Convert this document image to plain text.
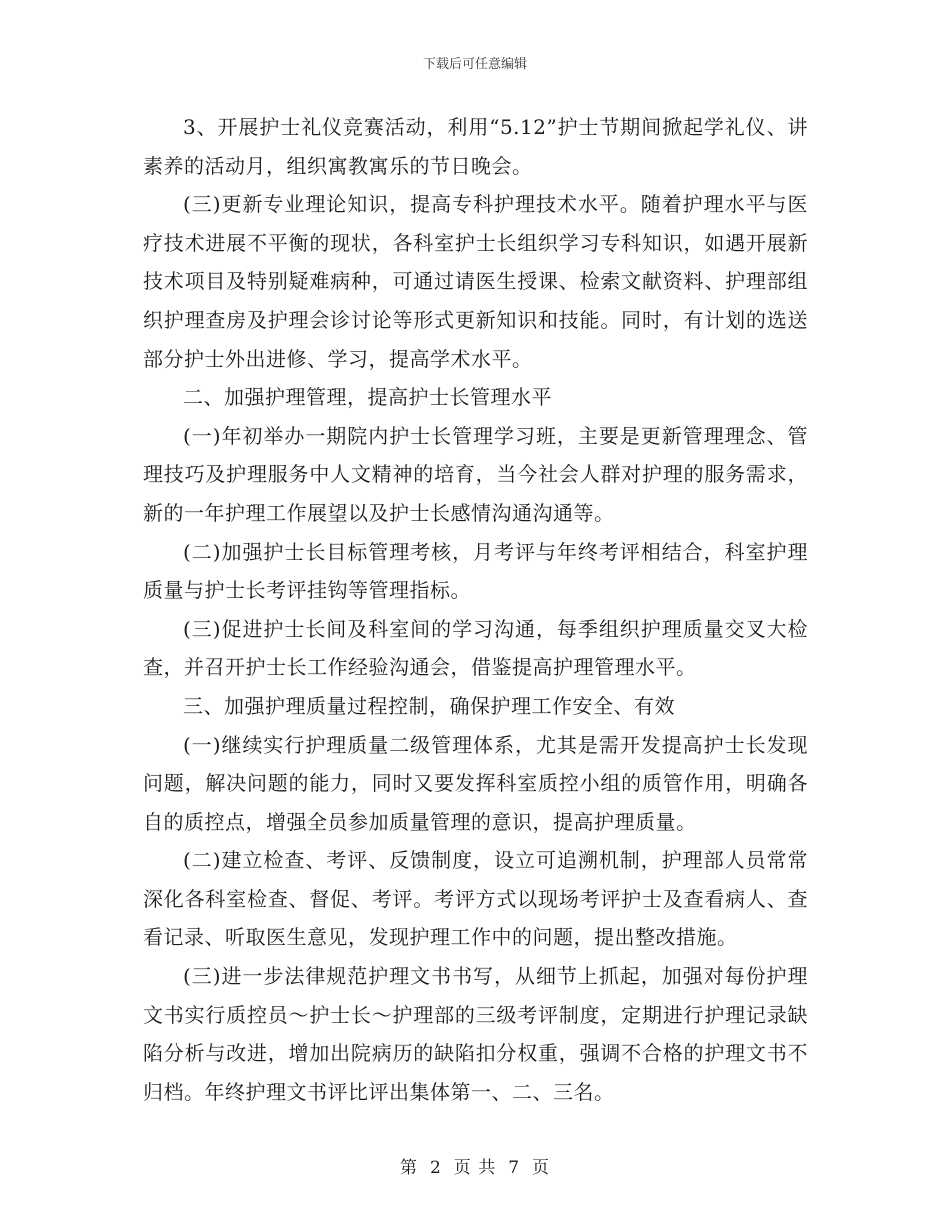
下载后可任意编辑

3、开展护士礼仪竞赛活动，利用“5.12”护士节期间掀起学礼仪、讲素养的活动月，组织寓教寓乐的节日晚会。

(三)更新专业理论知识，提高专科护理技术水平。随着护理水平与医疗技术进展不平衡的现状，各科室护士长组织学习专科知识，如遇开展新技术项目及特别疑难病种，可通过请医生授课、检索文献资料、护理部组织护理查房及护理会诊讨论等形式更新知识和技能。同时，有计划的选送部分护士外出进修、学习，提高学术水平。

二、加强护理管理，提高护士长管理水平

(一)年初举办一期院内护士长管理学习班，主要是更新管理理念、管理技巧及护理服务中人文精神的培育，当今社会人群对护理的服务需求，新的一年护理工作展望以及护士长感情沟通沟通等。

(二)加强护士长目标管理考核，月考评与年终考评相结合，科室护理质量与护士长考评挂钩等管理指标。

(三)促进护士长间及科室间的学习沟通，每季组织护理质量交叉大检查，并召开护士长工作经验沟通会，借鉴提高护理管理水平。

三、加强护理质量过程控制，确保护理工作安全、有效

(一)继续实行护理质量二级管理体系，尤其是需开发提高护士长发现问题，解决问题的能力，同时又要发挥科室质控小组的质管作用，明确各自的质控点，增强全员参加质量管理的意识，提高护理质量。

(二)建立检查、考评、反馈制度，设立可追溯机制，护理部人员常常深化各科室检查、督促、考评。考评方式以现场考评护士及查看病人、查看记录、听取医生意见，发现护理工作中的问题，提出整改措施。

(三)进一步法律规范护理文书书写，从细节上抓起，加强对每份护理文书实行质控员～护士长～护理部的三级考评制度，定期进行护理记录缺陷分析与改进，增加出院病历的缺陷扣分权重，强调不合格的护理文书不归档。年终护理文书评比评出集体第一、二、三名。

第 2 页 共 7 页
